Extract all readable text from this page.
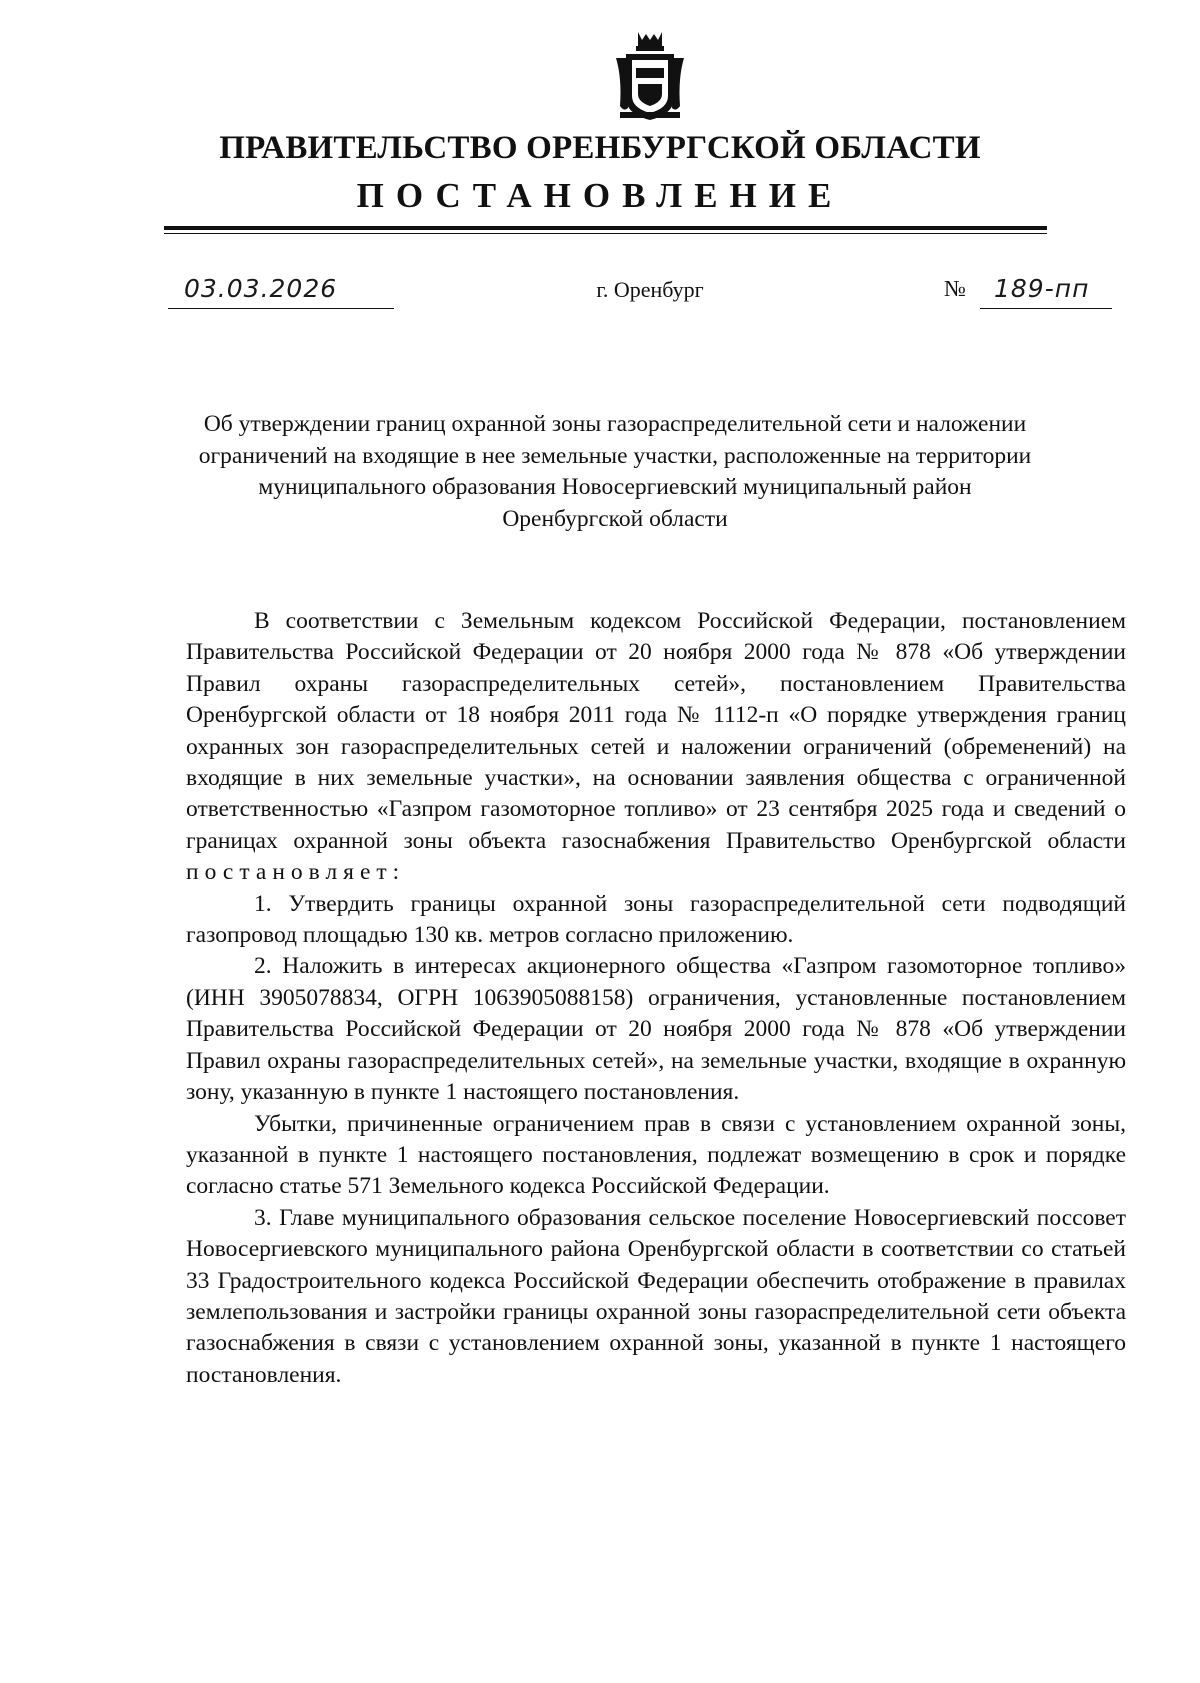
ПРАВИТЕЛЬСТВО ОРЕНБУРГСКОЙ ОБЛАСТИ
ПОСТАНОВЛЕНИЕ
03.03.2026	г. Оренбург	№ 189-пп
Об утверждении границ охранной зоны газораспределительной сети и наложении ограничений на входящие в нее земельные участки, расположенные на территории муниципального образования Новосергиевский муниципальный район Оренбургской области

В соответствии с Земельным кодексом Российской Федерации, постановлением Правительства Российской Федерации от 20 ноября 2000 года № 878 «Об утверждении Правил охраны газораспределительных сетей», постановлением Правительства Оренбургской области от 18 ноября 2011 года № 1112-п «О порядке утверждения границ охранных зон газораспределительных сетей и наложении ограничений (обременений) на входящие в них земельные участки», на основании заявления общества с ограниченной ответственностью «Газпром газомоторное топливо» от 23 сентября 2025 года и сведений о границах охранной зоны объекта газоснабжения Правительство Оренбургской области постановляет:

1. Утвердить границы охранной зоны газораспределительной сети подводящий газопровод площадью 130 кв. метров согласно приложению.

2. Наложить в интересах акционерного общества «Газпром газомоторное топливо» (ИНН 3905078834, ОГРН 1063905088158) ограничения, установленные постановлением Правительства Российской Федерации от 20 ноября 2000 года № 878 «Об утверждении Правил охраны газораспределительных сетей», на земельные участки, входящие в охранную зону, указанную в пункте 1 настоящего постановления.

Убытки, причиненные ограничением прав в связи с установлением охранной зоны, указанной в пункте 1 настоящего постановления, подлежат возмещению в срок и порядке согласно статье 571 Земельного кодекса Российской Федерации.

3. Главе муниципального образования сельское поселение Новосергиевский поссовет Новосергиевского муниципального района Оренбургской области в соответствии со статьей 33 Градостроительного кодекса Российской Федерации обеспечить отображение в правилах землепользования и застройки границы охранной зоны газораспределительной сети объекта газоснабжения в связи с установлением охранной зоны, указанной в пункте 1 настоящего постановления.
